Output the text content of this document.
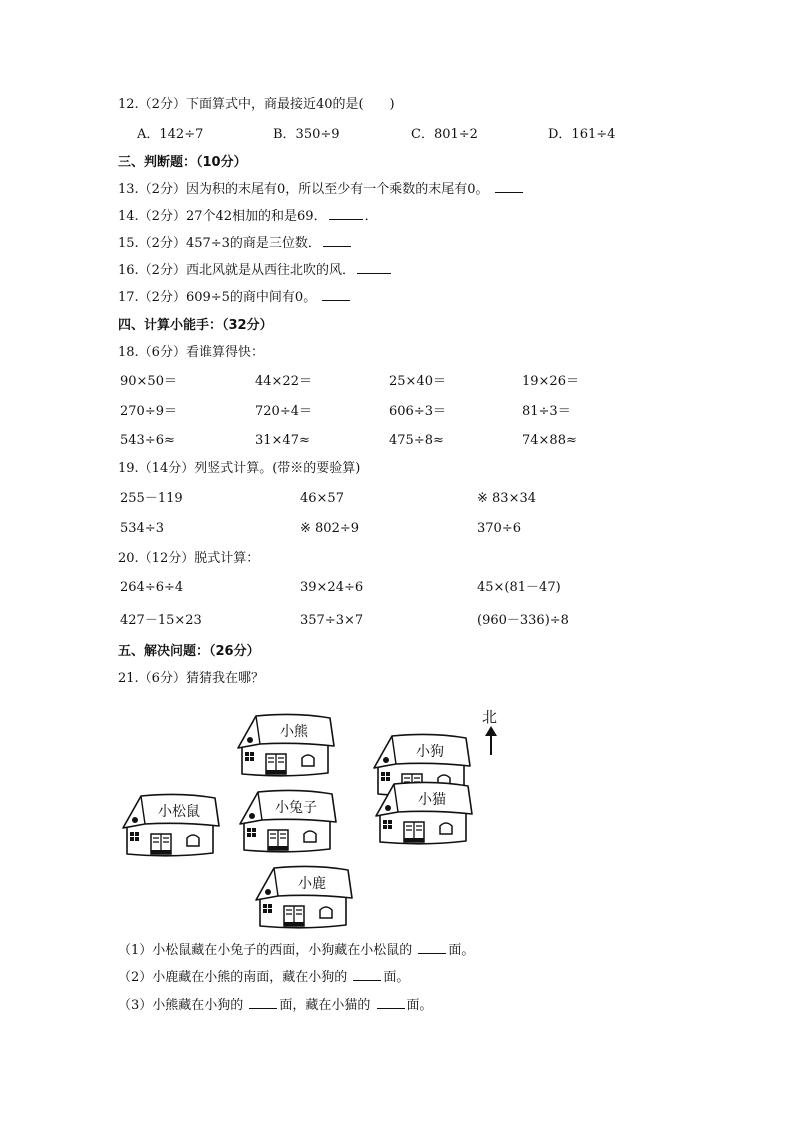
12.（2分）下面算式中，商最接近40的是(　　)
A．142÷7	B．350÷9	C．801÷2	D．161÷4
三、判断题：（10分）
13.（2分）因为积的末尾有0，所以至少有一个乘数的末尾有0。
14.（2分）27个42相加的和是69．	．
15.（2分）457÷3的商是三位数．
16.（2分）西北风就是从西往北吹的风．
17.（2分）609÷5的商中间有0。
四、计算小能手：（32分）
18.（6分）看谁算得快：
90×50＝	44×22＝	25×40＝	19×26＝
270÷9＝	720÷4＝	606÷3＝	81÷3＝
543÷6≈	31×47≈	475÷8≈	74×88≈
19.（14分）列竖式计算。(带※的要验算)
255－119	46×57	※ 83×34
534÷3	※ 802÷9	370÷6
20.（12分）脱式计算：
264÷6÷4	39×24÷6	45×(81－47)
427－15×23	357÷3×7	(960－336)÷8
五、解决问题：（26分）
21.（6分）猜猜我在哪？
小熊
小狗
小松鼠	小兔子	小猫
小鹿
北
（1）小松鼠藏在小兔子的西面，小狗藏在小松鼠的 面。
（2）小鹿藏在小熊的南面，藏在小狗的 面。
（3）小熊藏在小狗的 面，藏在小猫的 面。
